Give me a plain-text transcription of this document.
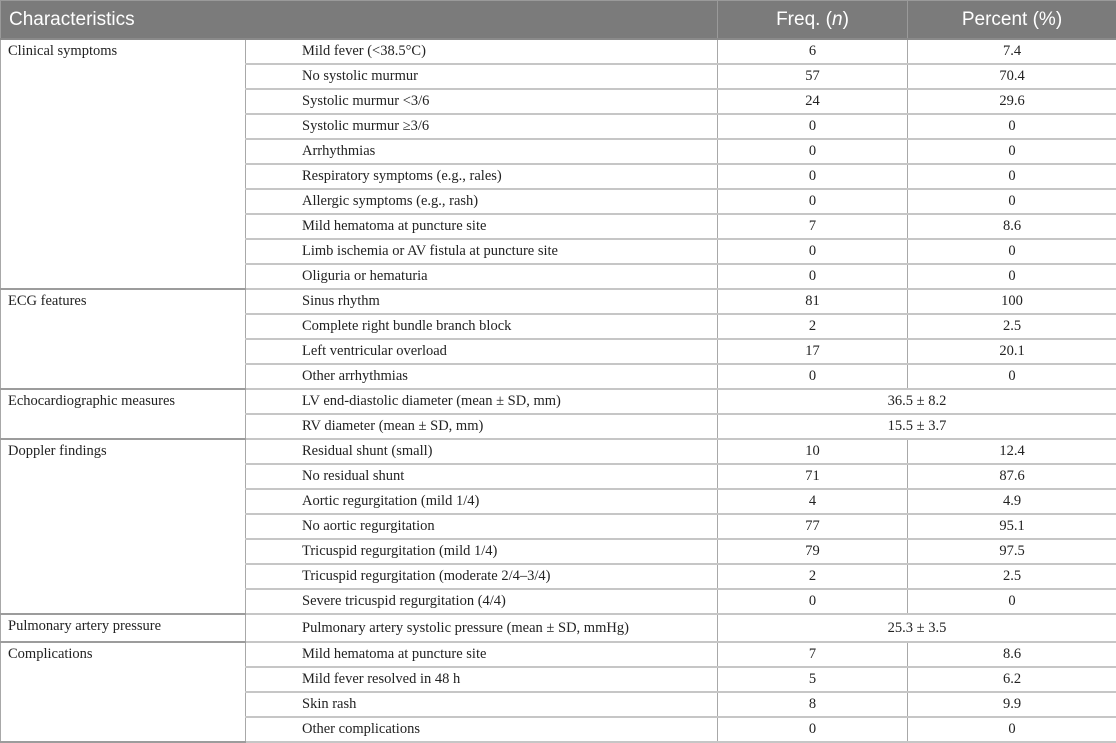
Characteristics		Freq. (n)	Percent (%)
Clinical symptoms	Mild fever (<38.5°C)	6	7.4
	No systolic murmur	57	70.4
	Systolic murmur <3/6	24	29.6
	Systolic murmur ≥3/6	0	0
	Arrhythmias	0	0
	Respiratory symptoms (e.g., rales)	0	0
	Allergic symptoms (e.g., rash)	0	0
	Mild hematoma at puncture site	7	8.6
	Limb ischemia or AV fistula at puncture site	0	0
	Oliguria or hematuria	0	0
ECG features	Sinus rhythm	81	100
	Complete right bundle branch block	2	2.5
	Left ventricular overload	17	20.1
	Other arrhythmias	0	0
Echocardiographic measures	LV end-diastolic diameter (mean ± SD, mm)	36.5 ± 8.2	
	RV diameter (mean ± SD, mm)	15.5 ± 3.7	
Doppler findings	Residual shunt (small)	10	12.4
	No residual shunt	71	87.6
	Aortic regurgitation (mild 1/4)	4	4.9
	No aortic regurgitation	77	95.1
	Tricuspid regurgitation (mild 1/4)	79	97.5
	Tricuspid regurgitation (moderate 2/4–3/4)	2	2.5
	Severe tricuspid regurgitation (4/4)	0	0
Pulmonary artery pressure	Pulmonary artery systolic pressure (mean ± SD, mmHg)	25.3 ± 3.5	
Complications	Mild hematoma at puncture site	7	8.6
	Mild fever resolved in 48 h	5	6.2
	Skin rash	8	9.9
	Other complications	0	0
